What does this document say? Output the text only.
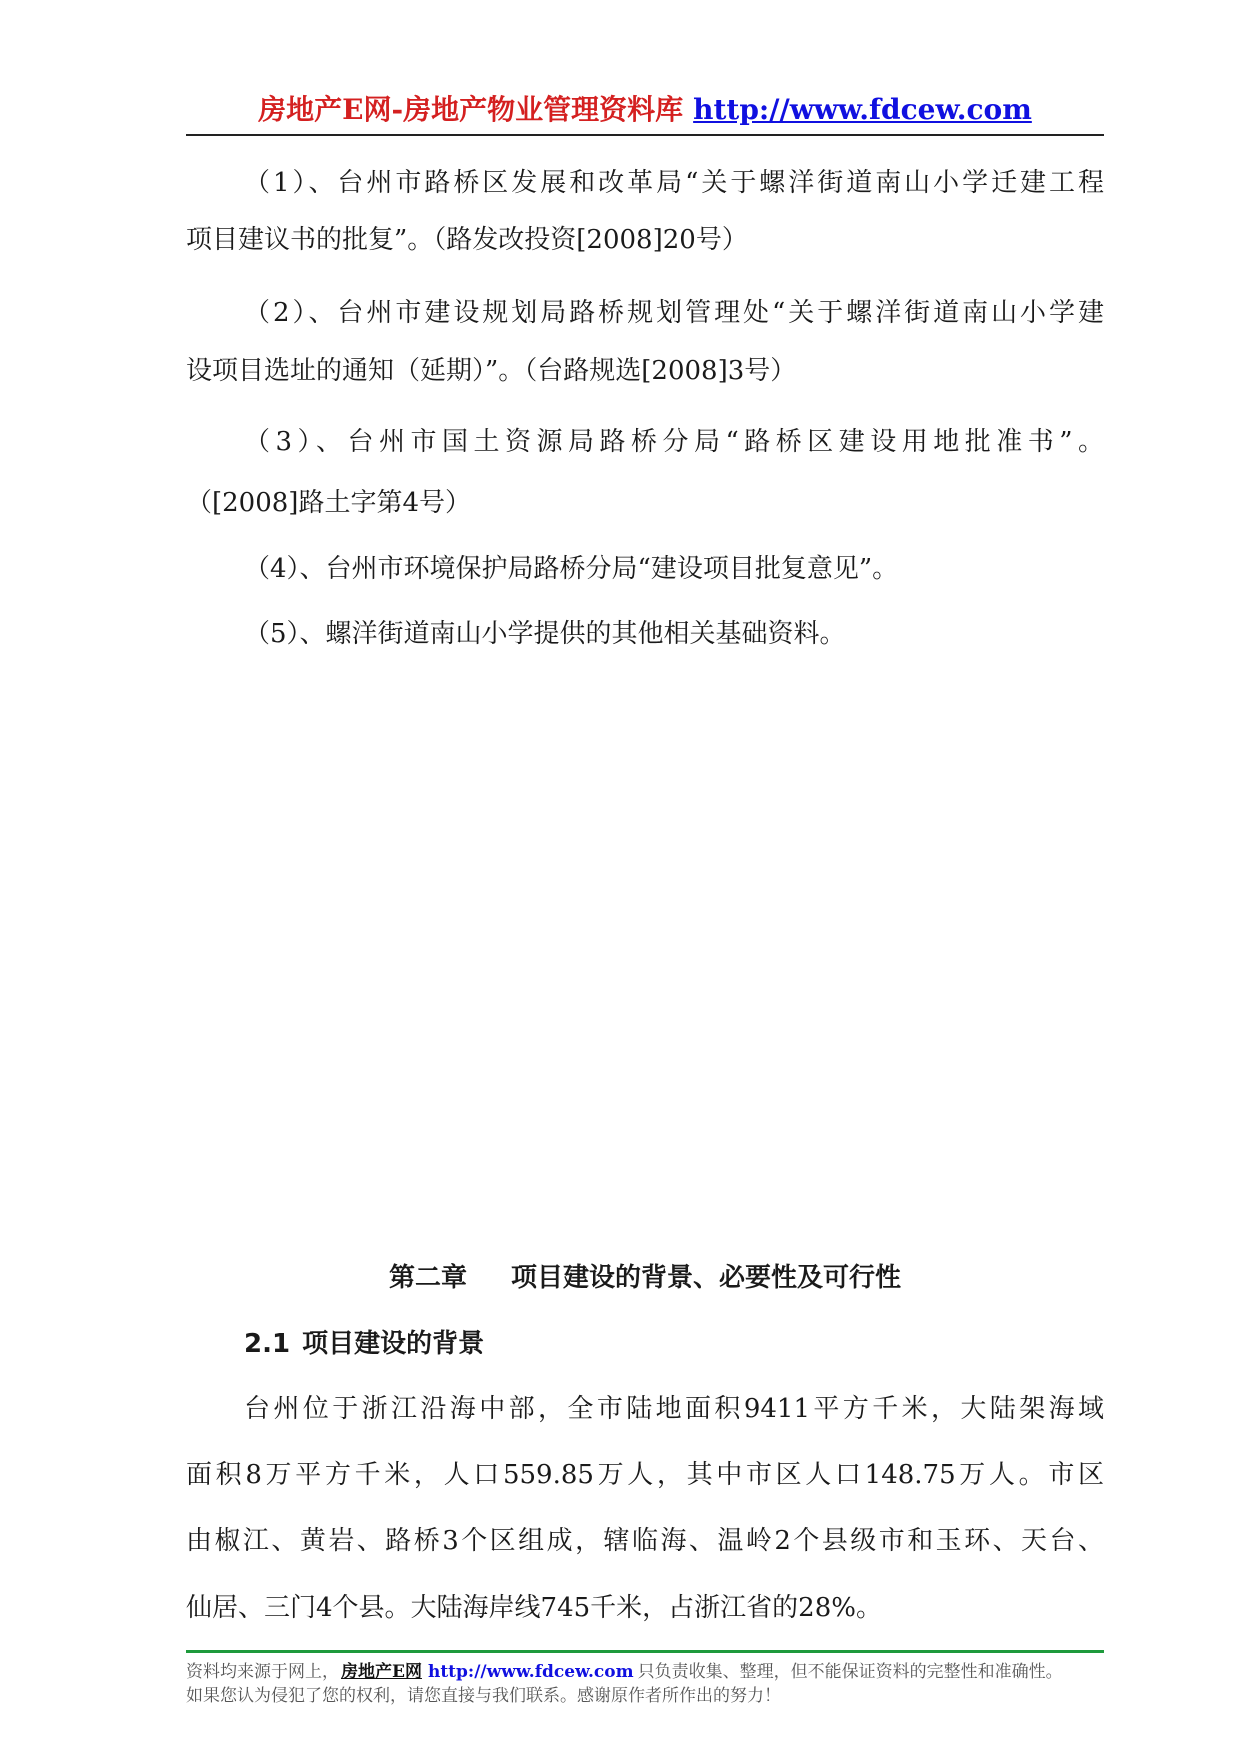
房地产E网-房地产物业管理资料库 http://www.fdcew.com

（1）、台州市路桥区发展和改革局“关于螺洋街道南山小学迁建工程

项目建议书的批复”。（路发改投资[2008]20号）

（2）、台州市建设规划局路桥规划管理处“关于螺洋街道南山小学建

设项目选址的通知（延期）”。（台路规选[2008]3号）

（3）、台州市国土资源局路桥分局“路桥区建设用地批准书”。

（[2008]路土字第4号）

（4）、台州市环境保护局路桥分局“建设项目批复意见”。

（5）、螺洋街道南山小学提供的其他相关基础资料。

第二章 项目建设的背景、必要性及可行性
2.1 项目建设的背景

台州位于浙江沿海中部，全市陆地面积9411平方千米，大陆架海域

面积8万平方千米，人口559.85万人，其中市区人口148.75万人。市区

由椒江、黄岩、路桥3个区组成，辖临海、温岭2个县级市和玉环、天台、

仙居、三门4个县。大陆海岸线745千米，占浙江省的28%。

资料均来源于网上， 房地产E网 http://www.fdcew.com 只负责收集、整理，但不能保证资料的完整性和准确性。
如果您认为侵犯了您的权利，请您直接与我们联系。感谢原作者所作出的努力！
